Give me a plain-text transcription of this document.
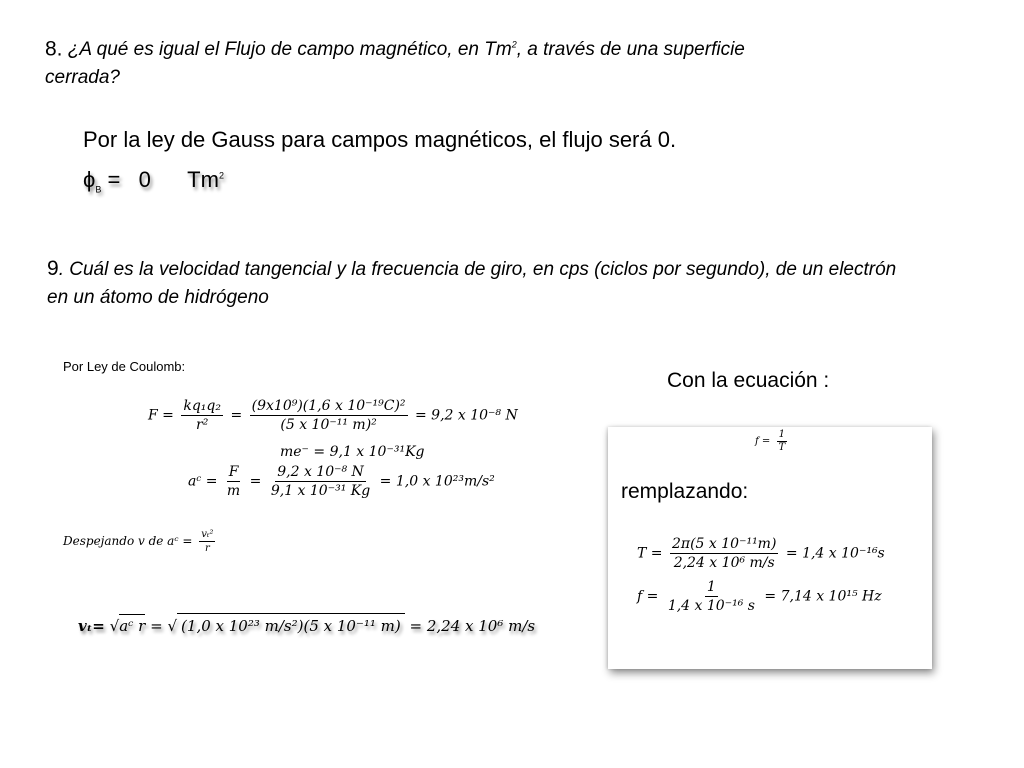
8. ¿A qué es igual el Flujo de campo magnético, en Tm$^2$, a través de una superficie
cerrada?
Por la ley de Gauss para campos magnéticos, el flujo será 0.
$\phi_B = 0$      Tm$^2$
9. Cuál es la velocidad tangencial y la frecuencia de giro, en cps (ciclos por segundo), de un electrón
en un átomo de hidrógeno
Por Ley de Coulomb:
$F = \frac{\text{kq₁q₂}}{\text{r²}} = \frac{\text{(9x10⁹)(1,6 x 10⁻¹⁹C)²}}{\text{(5 x 10⁻¹¹ m)²}} = 9,2$ x 10⁻⁸ N
me⁻ = 9,1 x 10⁻³¹Kg
aᶜ = $\frac{F}{m} = \frac{\text{9,2 x 10⁻⁸ N}}{\text{9,1 x 10⁻³¹ Kg}} = 1,0$ x 10²³m/s²
Despejando v de aᶜ = $\frac{\text{vₜ²}}{r}$
𝒗ₜ= √aᶜ r = √ (1,0 x 10²³ m/s²)(5 x 10⁻¹¹ m) = 2,24 x 10⁶ m/s
Con la ecuación :
$f = \frac{1}{T}$
remplazando:
$T = \frac{\text{2π(5 x 10⁻¹¹m)}}{\text{2,24 x 10⁶ m/s}} = 1,4$ x 10⁻¹⁶s
$f = \frac{1}{\text{1,4 x 10⁻¹⁶ s}} = 7,14$ x 10¹⁵ Hz
